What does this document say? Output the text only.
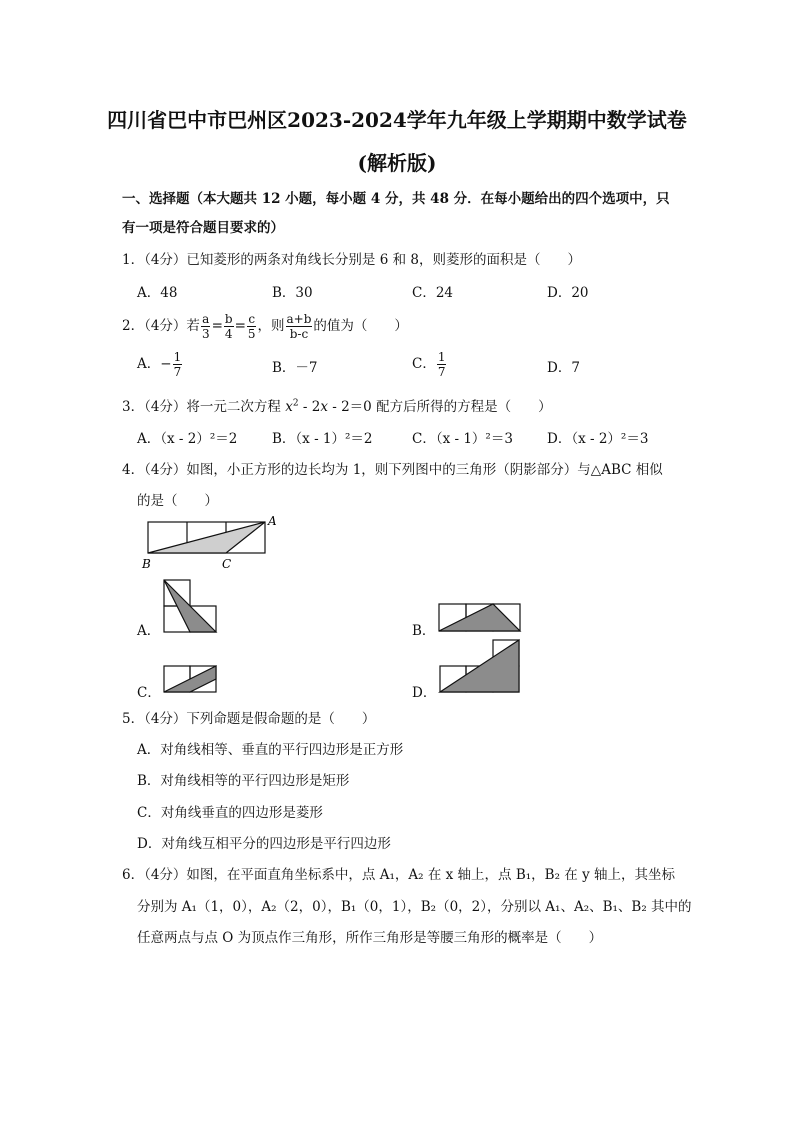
四川省巴中市巴州区2023-2024学年九年级上学期期中数学试卷
(解析版)
一、选择题（本大题共 12 小题，每小题 4 分，共 48 分．在每小题给出的四个选项中，只
有一项是符合题目要求的）
1．（4分）已知菱形的两条对角线长分别是 6 和 8，则菱形的面积是（　　）
A．48	B．30	C．24	D．20
2．（4分）若 $\frac{a}{3} = \frac{b}{4} = \frac{c}{5}$ ，则 $\frac{a+b}{b-c}$ 的值为（　　）
A．− $\frac{1}{7}$	B．－7	C． $\frac{1}{7}$	D．7
3．（4分）将一元二次方程 $x^2 - 2x - 2=0$ 配方后所得的方程是（　　）
A．（x - 2）²＝2	B．（x - 1）²＝2	C．（x - 1）²＝3	D．（x - 2）²＝3
4．（4分）如图，小正方形的边长均为 1，则下列图中的三角形（阴影部分）与△ABC 相似
的是（　　）
A
B	C
A．	B．
C．	D．
5．（4分）下列命题是假命题的是（　　）
A．对角线相等、垂直的平行四边形是正方形
B．对角线相等的平行四边形是矩形
C．对角线垂直的四边形是菱形
D．对角线互相平分的四边形是平行四边形
6．（4分）如图，在平面直角坐标系中，点 A₁，A₂ 在 x 轴上，点 B₁，B₂ 在 y 轴上，其坐标
分别为 A₁（1，0），A₂（2，0），B₁（0，1），B₂（0，2），分别以 A₁、A₂、B₁、B₂ 其中的
任意两点与点 O 为顶点作三角形，所作三角形是等腰三角形的概率是（　　）
